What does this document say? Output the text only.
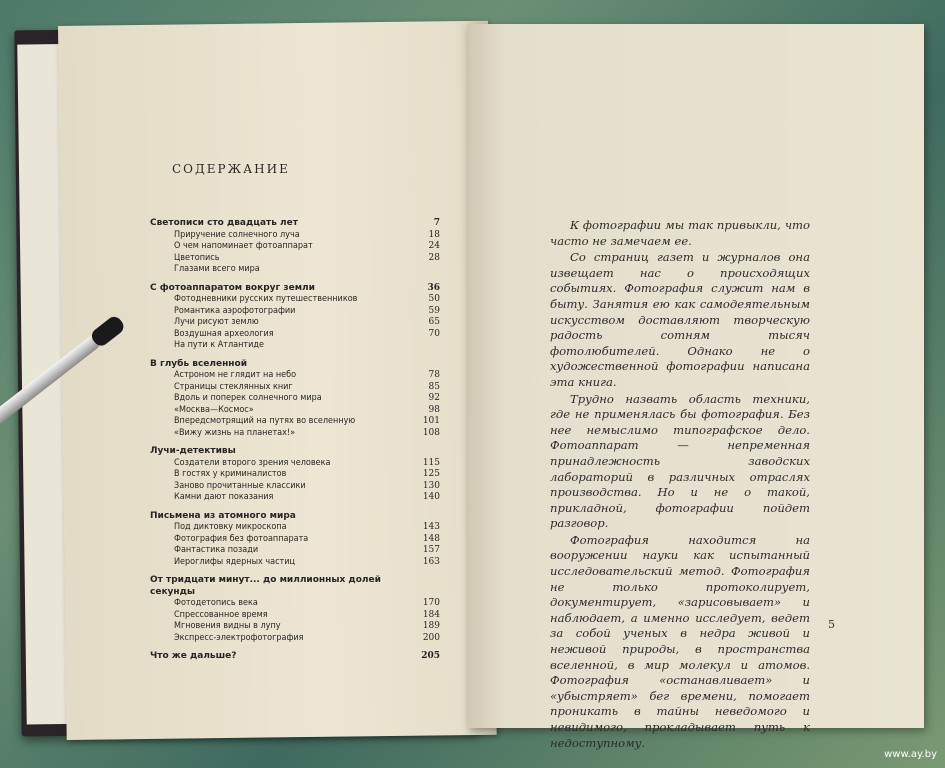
СОДЕРЖАНИЕ
Светописи сто двадцать лет	7
Приручение солнечного луча	18
О чем напоминает фотоаппарат	24
Цветопись	28
Глазами всего мира
С фотоаппаратом вокруг земли	36
Фотодневники русских путешественников	50
Романтика аэрофотографии	59
Лучи рисуют землю	65
Воздушная археология	70
На пути к Атлантиде
В глубь вселенной
Астроном не глядит на небо	78
Страницы стеклянных книг	85
Вдоль и поперек солнечного мира	92
«Москва—Космос»	98
Впередсмотрящий на путях во вселенную	101
«Вижу жизнь на планетах!»	108
Лучи-детективы
Создатели второго зрения человека	115
В гостях у криминалистов	125
Заново прочитанные классики	130
Камни дают показания	140
Письмена из атомного мира
Под диктовку микроскопа	143
Фотография без фотоаппарата	148
Фантастика позади	157
Иероглифы ядерных частиц	163
От тридцати минут... до миллионных долей секунды
Фотодетопись века	170
Спрессованное время	184
Мгновения видны в лупу	189
Экспресс-электрофотография	200
Что же дальше?	205

К фотографии мы так привыкли, что часто не замечаем ее.

Со страниц газет и журналов она извещает нас о происходящих событиях. Фотография служит нам в быту. Занятия ею как самодеятельным искусством доставляют творческую радость сотням тысяч фотолюбителей. Однако не о художественной фотографии написана эта книга.

Трудно назвать область техники, где не применялась бы фотография. Без нее немыслимо типографское дело. Фотоаппарат — непременная принадлежность заводских лабораторий в различных отраслях производства. Но и не о такой, прикладной, фотографии пойдет разговор.

Фотография находится на вооружении науки как испытанный исследовательский метод. Фотография не только протоколирует, документирует, «зарисовывает» и наблюдает, а именно исследует, ведет за собой ученых в недра живой и неживой природы, в пространства вселенной, в мир молекул и атомов. Фотография «останавливает» и «убыстряет» бег времени, помогает проникать в тайны неведомого и невидимого, прокладывает путь к недоступному.

5
www.ay.by
